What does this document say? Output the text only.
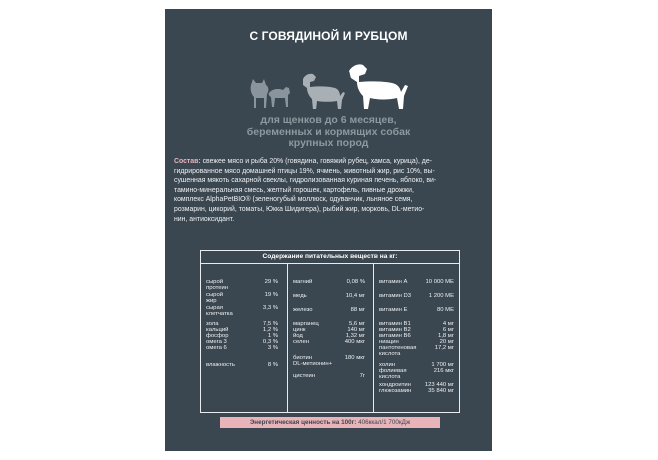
С ГОВЯДИНОЙ И РУБЦОМ
для щенков до 6 месяцев,
беременных и кормящих собак
крупных пород
Состав: свежее мясо и рыба 20% (говядина, говяжий рубец, хамса, курица), де-
гидрированное мясо домашней птицы 19%, ячмень, животный жир, рис 10%, вы-
сушенная мякоть сахарной свеклы, гидролизованная куриная печень, яблоко, ви-
тамино-минеральная смесь, желтый горошек, картофель, пивные дрожжи,
комплекс AlphaPetBIO® (зеленогубый моллюск, одуванчик, льняное семя,
розмарин, цикорий, томаты, Юкка Шидигера), рыбий жир, морковь, DL-метио-
нин, антиоксидант.
Содержание питательных веществ на кг:
сырой	29 %
протеин
сырой	19 %
жир
сырая	3,3 %
клетчатка
зола	7,5 %
кальций	1,2 %
фосфор	1 %
омега 3	0,3 %
омега 6	3 %
влажность	8 %
магний	0,08 %
медь	10,4 мг
железо	88 мг
марганец	5,6 мг
цинк	140 мг
йод	1,32 мг
селен	400 мкг
биотин	180 мкг
DL-метионин+
цистеин	7г
витамин А	10 000 МЕ
витамин D3	1 200 МЕ
витамин Е	80 МЕ
витамин В1	4 мг
витамин В2	6 мг
витамин В6	1,8 мг
ниацин	20 мг
пантотеновая	17,2 мг
кислота
холин	1 700 мг
фолиевая	216 мкг
кислота
хондроитин 123 440 мг
глюкозамин	35 840 мг
Энергетическая ценность на 100г: 406ккал/1 700кДж
